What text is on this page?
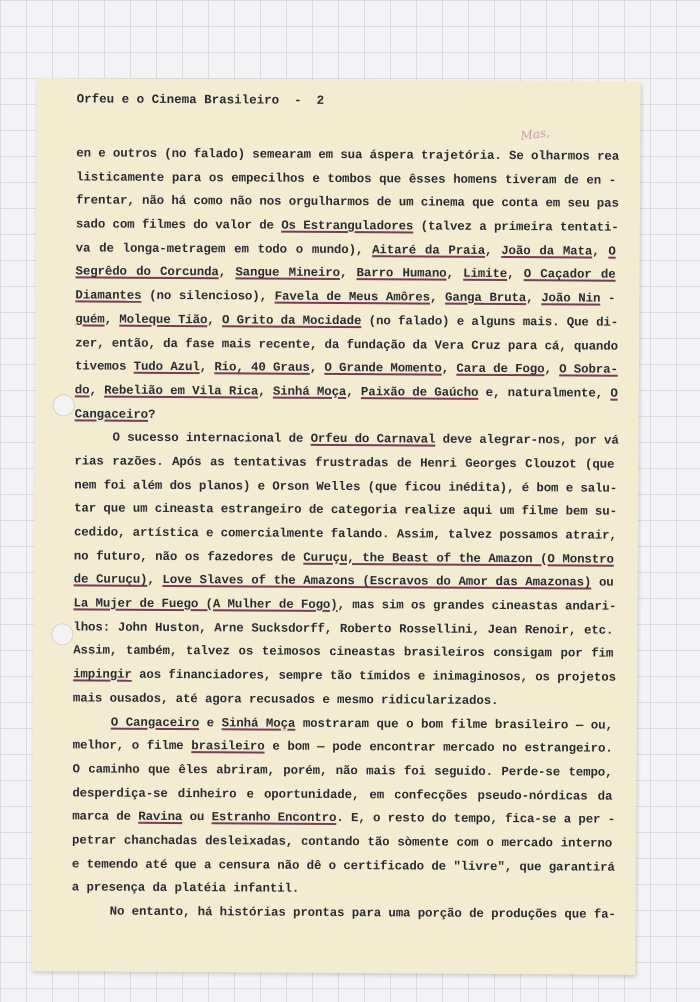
Orfeu e o Cinema Brasileiro  -  2
Mas,
en e outros (no falado) semearam em sua áspera trajetória. Se olharmos rea
listicamente para os empecilhos e tombos que êsses homens tiveram de en -
frentar, não há como não nos orgulharmos de um cinema que conta em seu pas
sado com filmes do valor de Os Estranguladores (talvez a primeira tentati-
va de longa-metragem em todo o mundo), Aitaré da Praia, João da Mata, O
Segrêdo do Corcunda, Sangue Mineiro, Barro Humano, Limite, O Caçador de
Diamantes (no silencioso), Favela de Meus Amôres, Ganga Bruta, João Nin -
guém, Moleque Tião, O Grito da Mocidade (no falado) e alguns mais. Que di-
zer, então, da fase mais recente, da fundação da Vera Cruz para cá, quando
tivemos Tudo Azul, Rio, 40 Graus, O Grande Momento, Cara de Fogo, O Sobra-
do, Rebelião em Vila Rica, Sinhá Moça, Paixão de Gaúcho e, naturalmente, O
Cangaceiro?
O sucesso internacional de Orfeu do Carnaval deve alegrar-nos, por vá
rias razões. Após as tentativas frustradas de Henri Georges Clouzot (que
nem foi além dos planos) e Orson Welles (que ficou inédita), é bom e salu-
tar que um cineasta estrangeiro de categoria realize aqui um filme bem su-
cedido, artística e comercialmente falando. Assim, talvez possamos atrair,
no futuro, não os fazedores de Curuçu, the Beast of the Amazon (O Monstro
de Curuçu), Love Slaves of the Amazons (Escravos do Amor das Amazonas) ou
La Mujer de Fuego (A Mulher de Fogo), mas sim os grandes cineastas andari-
lhos: John Huston, Arne Sucksdorff, Roberto Rossellini, Jean Renoir, etc.
Assim, também, talvez os teimosos cineastas brasileiros consigam por fim
impingir aos financiadores, sempre tão tímidos e inimaginosos, os projetos
mais ousados, até agora recusados e mesmo ridicularizados.
O Cangaceiro e Sinhá Moça mostraram que o bom filme brasileiro — ou,
melhor, o filme brasileiro e bom — pode encontrar mercado no estrangeiro.
O caminho que êles abriram, porém, não mais foi seguido. Perde-se tempo,
desperdiça-se dinheiro e oportunidade, em confecções pseudo-nórdicas da
marca de Ravina ou Estranho Encontro. E, o resto do tempo, fica-se a per -
petrar chanchadas desleixadas, contando tão sòmente com o mercado interno
e temendo até que a censura não dê o certificado de "livre", que garantirá
a presença da platéia infantil.
No entanto, há histórias prontas para uma porção de produções que fa-
